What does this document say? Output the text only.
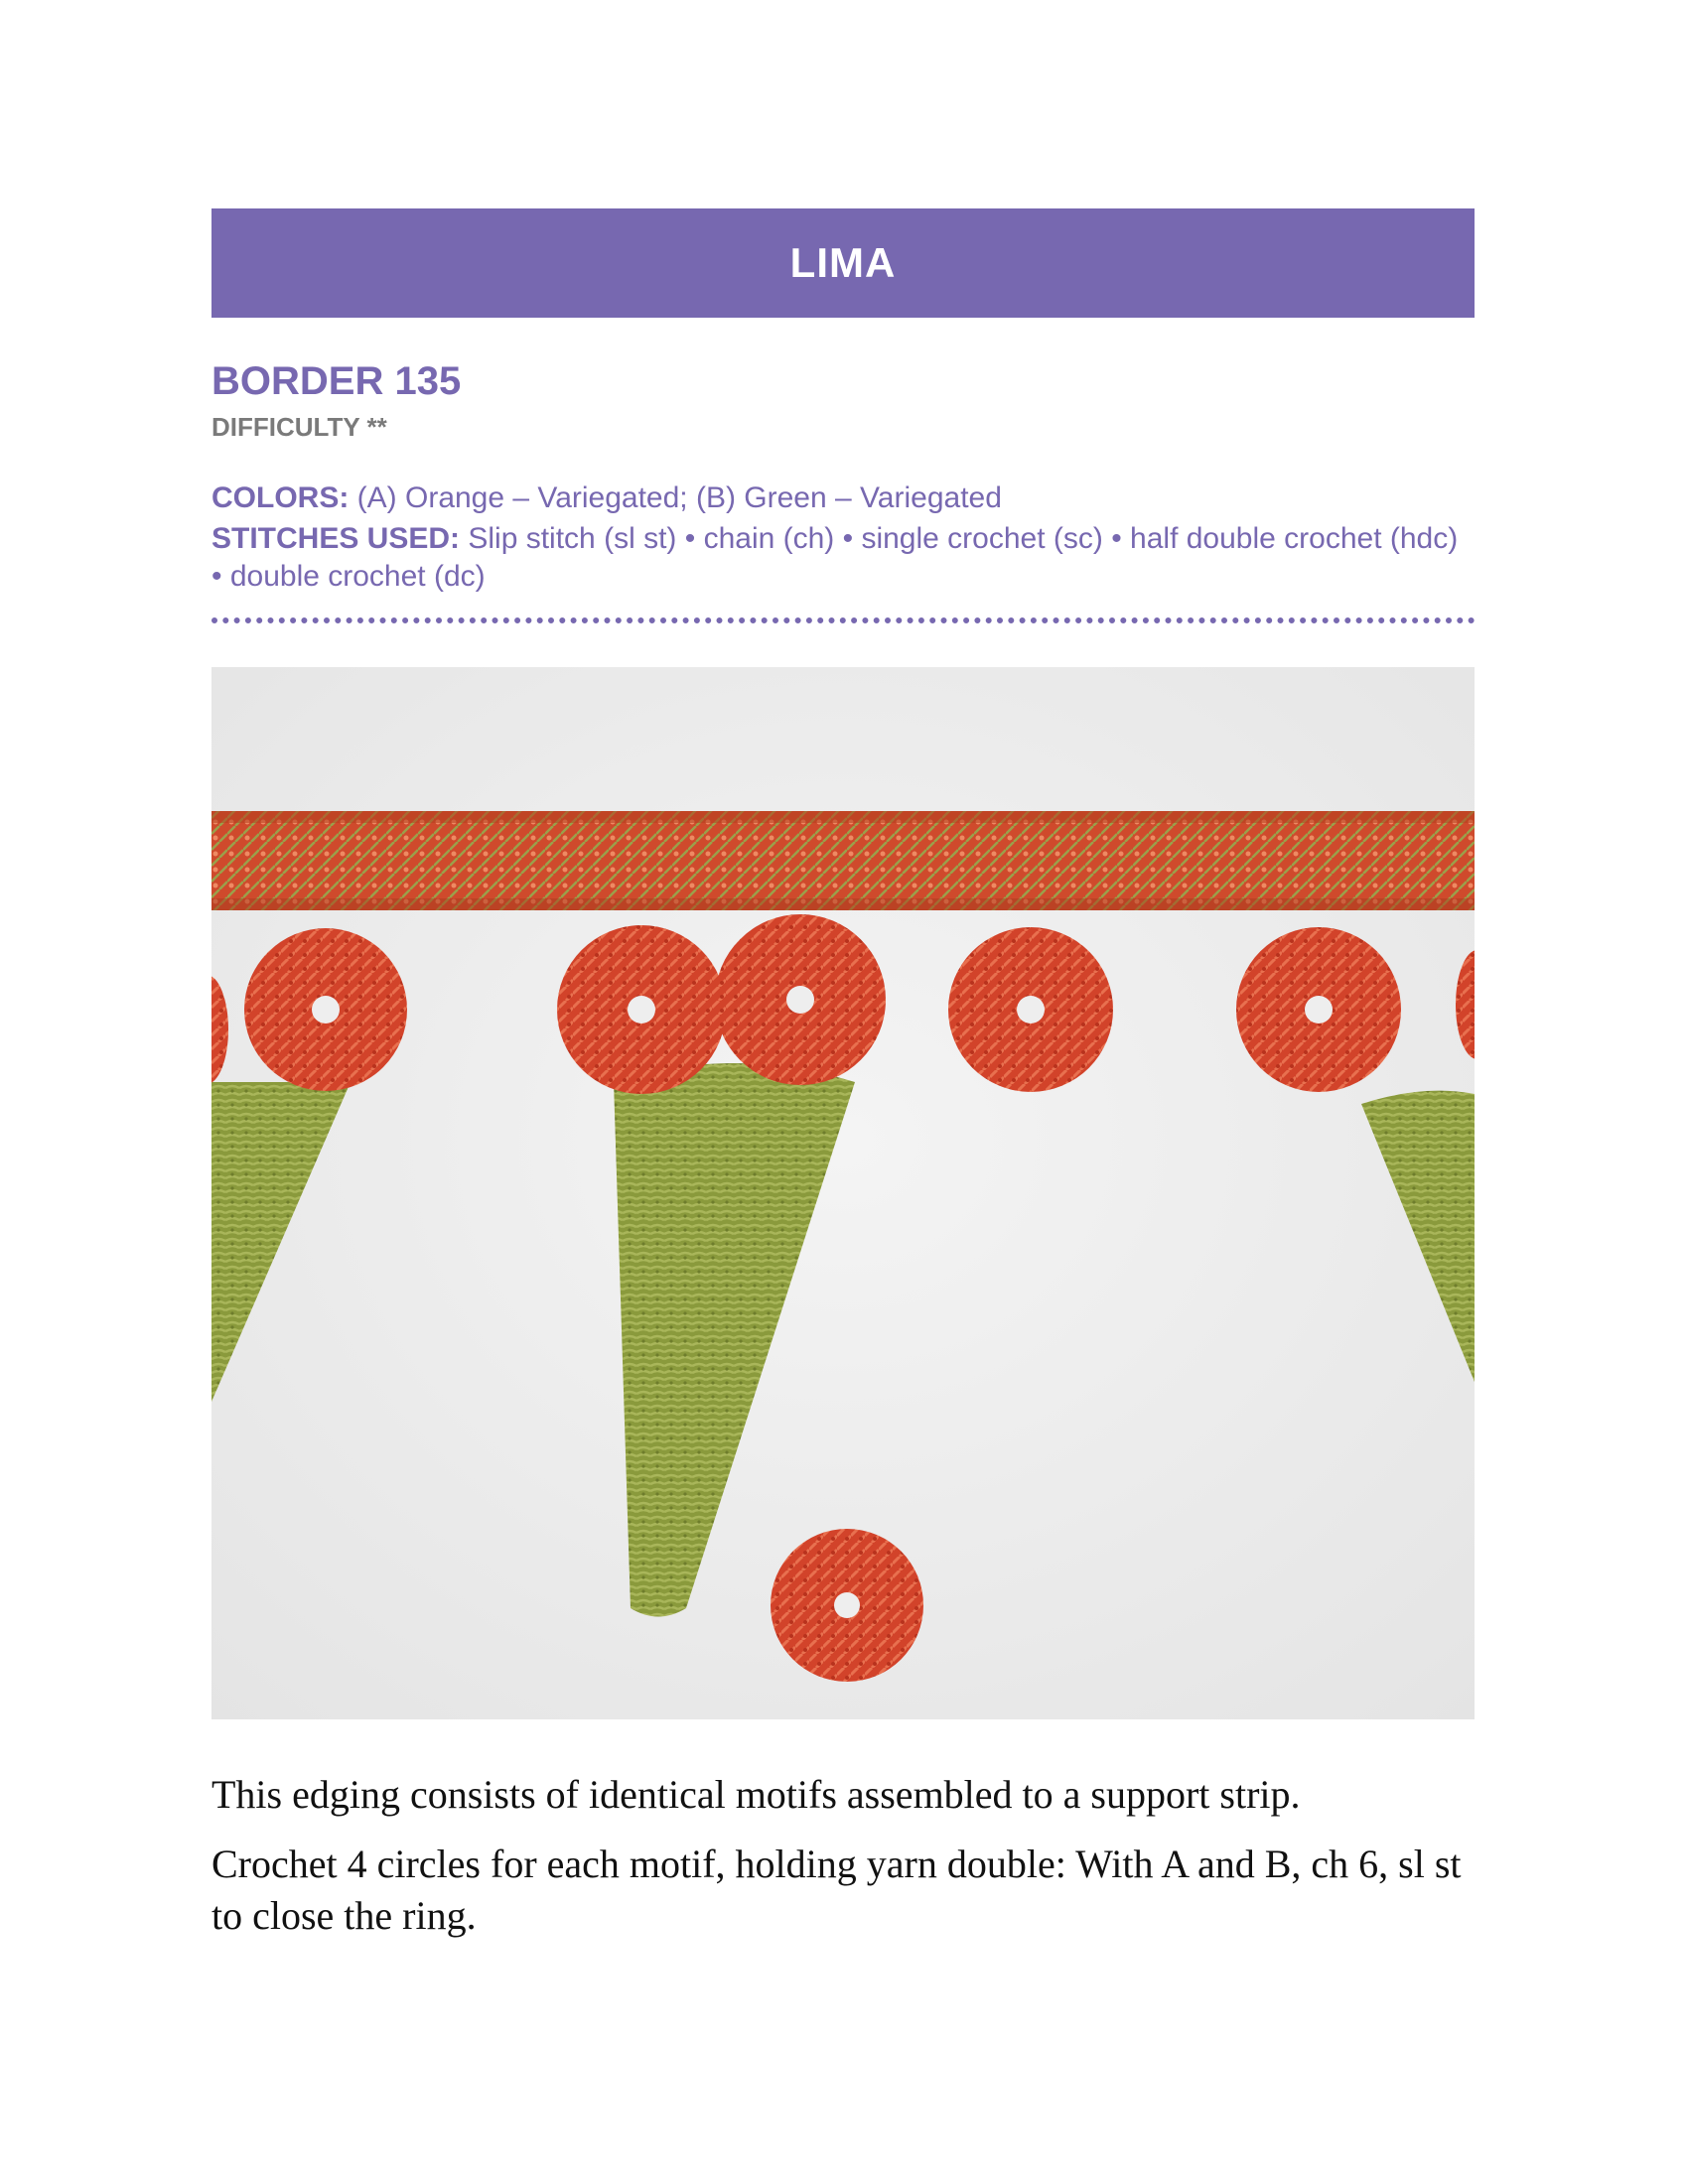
LIMA

BORDER 135

DIFFICULTY **

COLORS: (A) Orange – Variegated; (B) Green – Variegated

STITCHES USED: Slip stitch (sl st) • chain (ch) • single crochet (sc) • half double crochet (hdc) • double crochet (dc)

This edging consists of identical motifs assembled to a support strip.

Crochet 4 circles for each motif, holding yarn double: With A and B, ch 6, sl st to close the ring.
